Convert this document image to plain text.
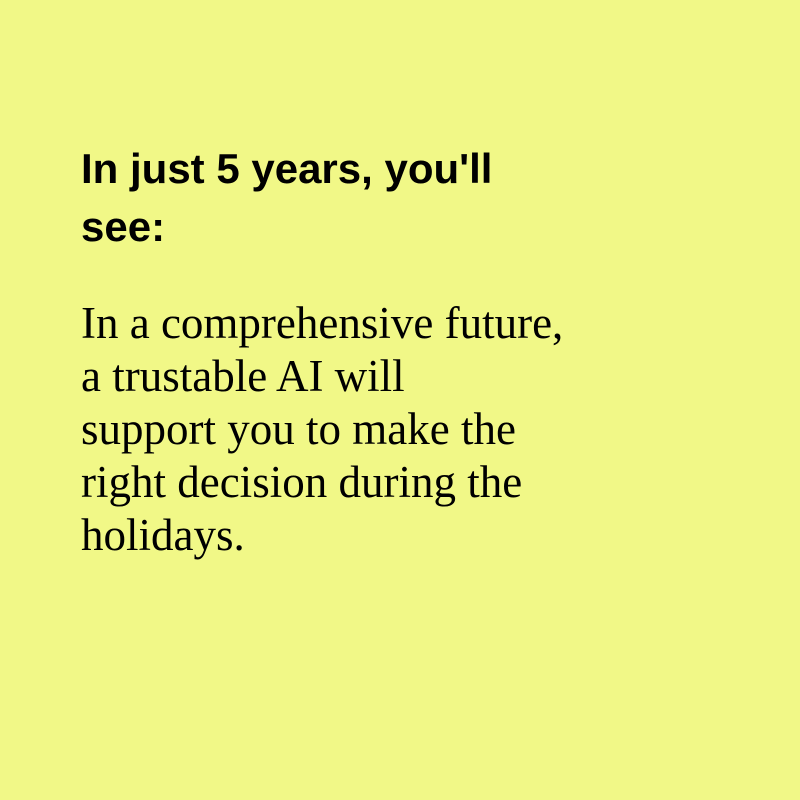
In just 5 years, you'll
see:

In a comprehensive future,
a trustable AI will
support you to make the
right decision during the
holidays.
